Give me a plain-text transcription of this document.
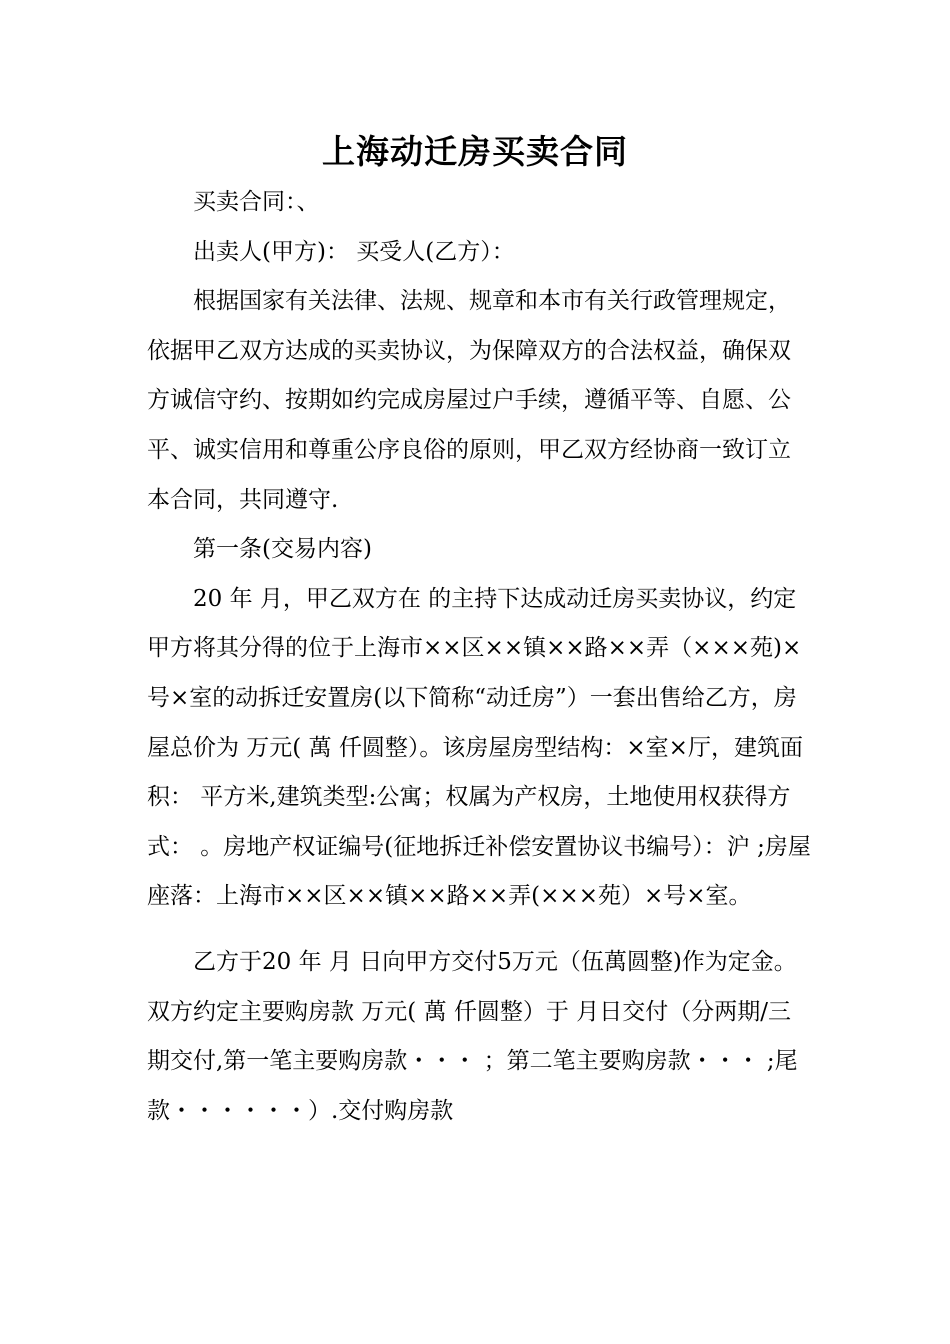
上海动迁房买卖合同

买卖合同：、

出卖人(甲方)： 买受人(乙方）：

根据国家有关法律、法规、规章和本市有关行政管理规定，依据甲乙双方达成的买卖协议，为保障双方的合法权益，确保双方诚信守约、按期如约完成房屋过户手续，遵循平等、自愿、公平、诚实信用和尊重公序良俗的原则，甲乙双方经协商一致订立本合同，共同遵守.

第一条(交易内容)

20 年 月，甲乙双方在 的主持下达成动迁房买卖协议，约定甲方将其分得的位于上海市××区××镇××路××弄（×××苑)×号×室的动拆迁安置房(以下简称“动迁房”）一套出售给乙方，房屋总价为 万元( 萬 仟圆整）。该房屋房型结构：×室×厅，建筑面积： 平方米,建筑类型:公寓；权属为产权房，土地使用权获得方式： 。房地产权证编号(征地拆迁补偿安置协议书编号）：沪 ;房屋座落：上海市××区××镇××路××弄(×××苑）×号×室。

乙方于20 年 月 日向甲方交付5万元（伍萬圆整)作为定金。双方约定主要购房款 万元( 萬 仟圆整）于 月日交付（分两期/三期交付,第一笔主要购房款・・・ ；第二笔主要购房款・・・ ;尾款・・・・・・）.交付购房款
